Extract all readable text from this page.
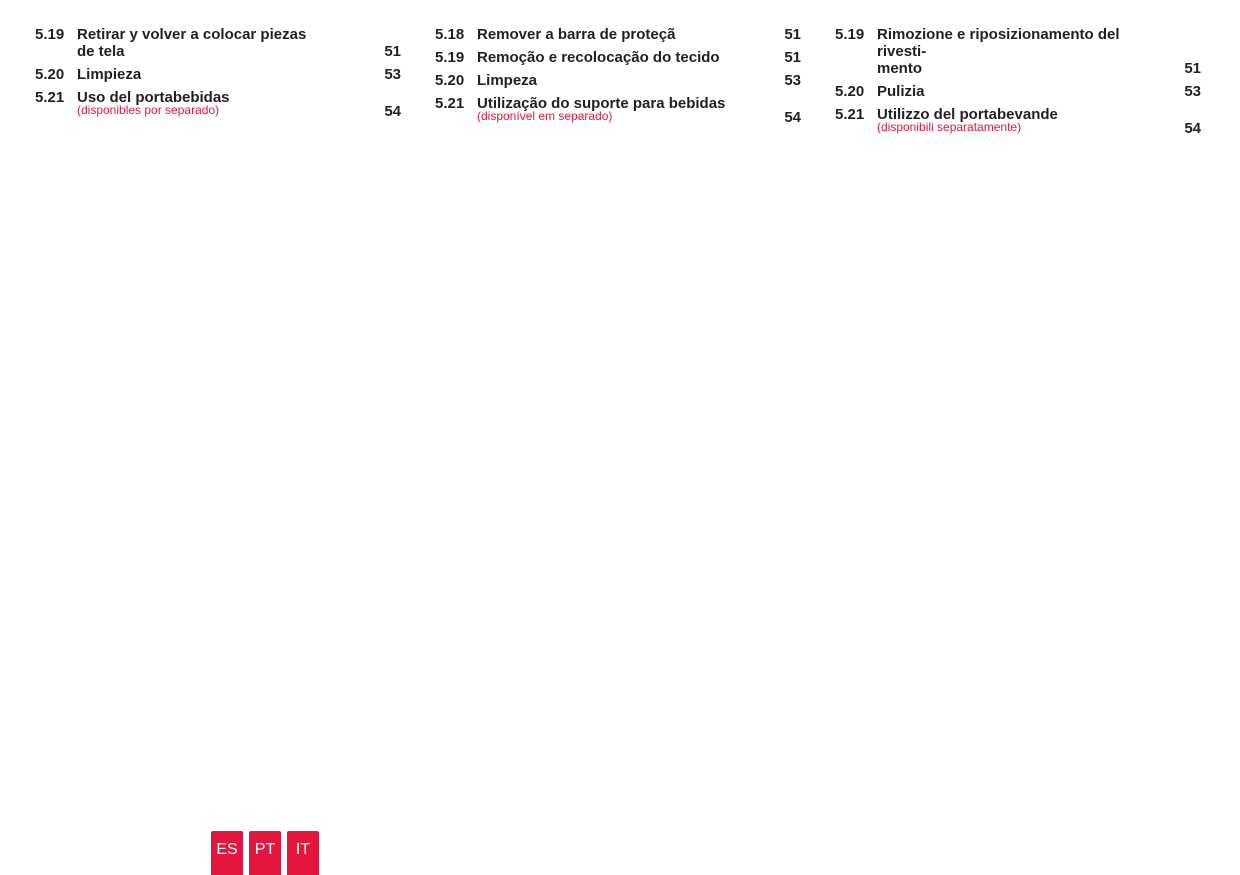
5.19 Retirar y volver a colocar piezas
de tela	51
5.20 Limpieza	53
5.21 Uso del portabebidas
(disponibles por separado)	54
5.18 Remover a barra de proteçã	51
5.19 Remoção e recolocação do tecido	51
5.20 Limpeza	53
5.21 Utilização do suporte para bebidas
(disponível em separado)	54
5.19 Rimozione e riposizionamento del rivesti-
mento	51
5.20 Pulizia	53
5.21 Utilizzo del portabevande
(disponibili separatamente)	54
ES	PT	IT
